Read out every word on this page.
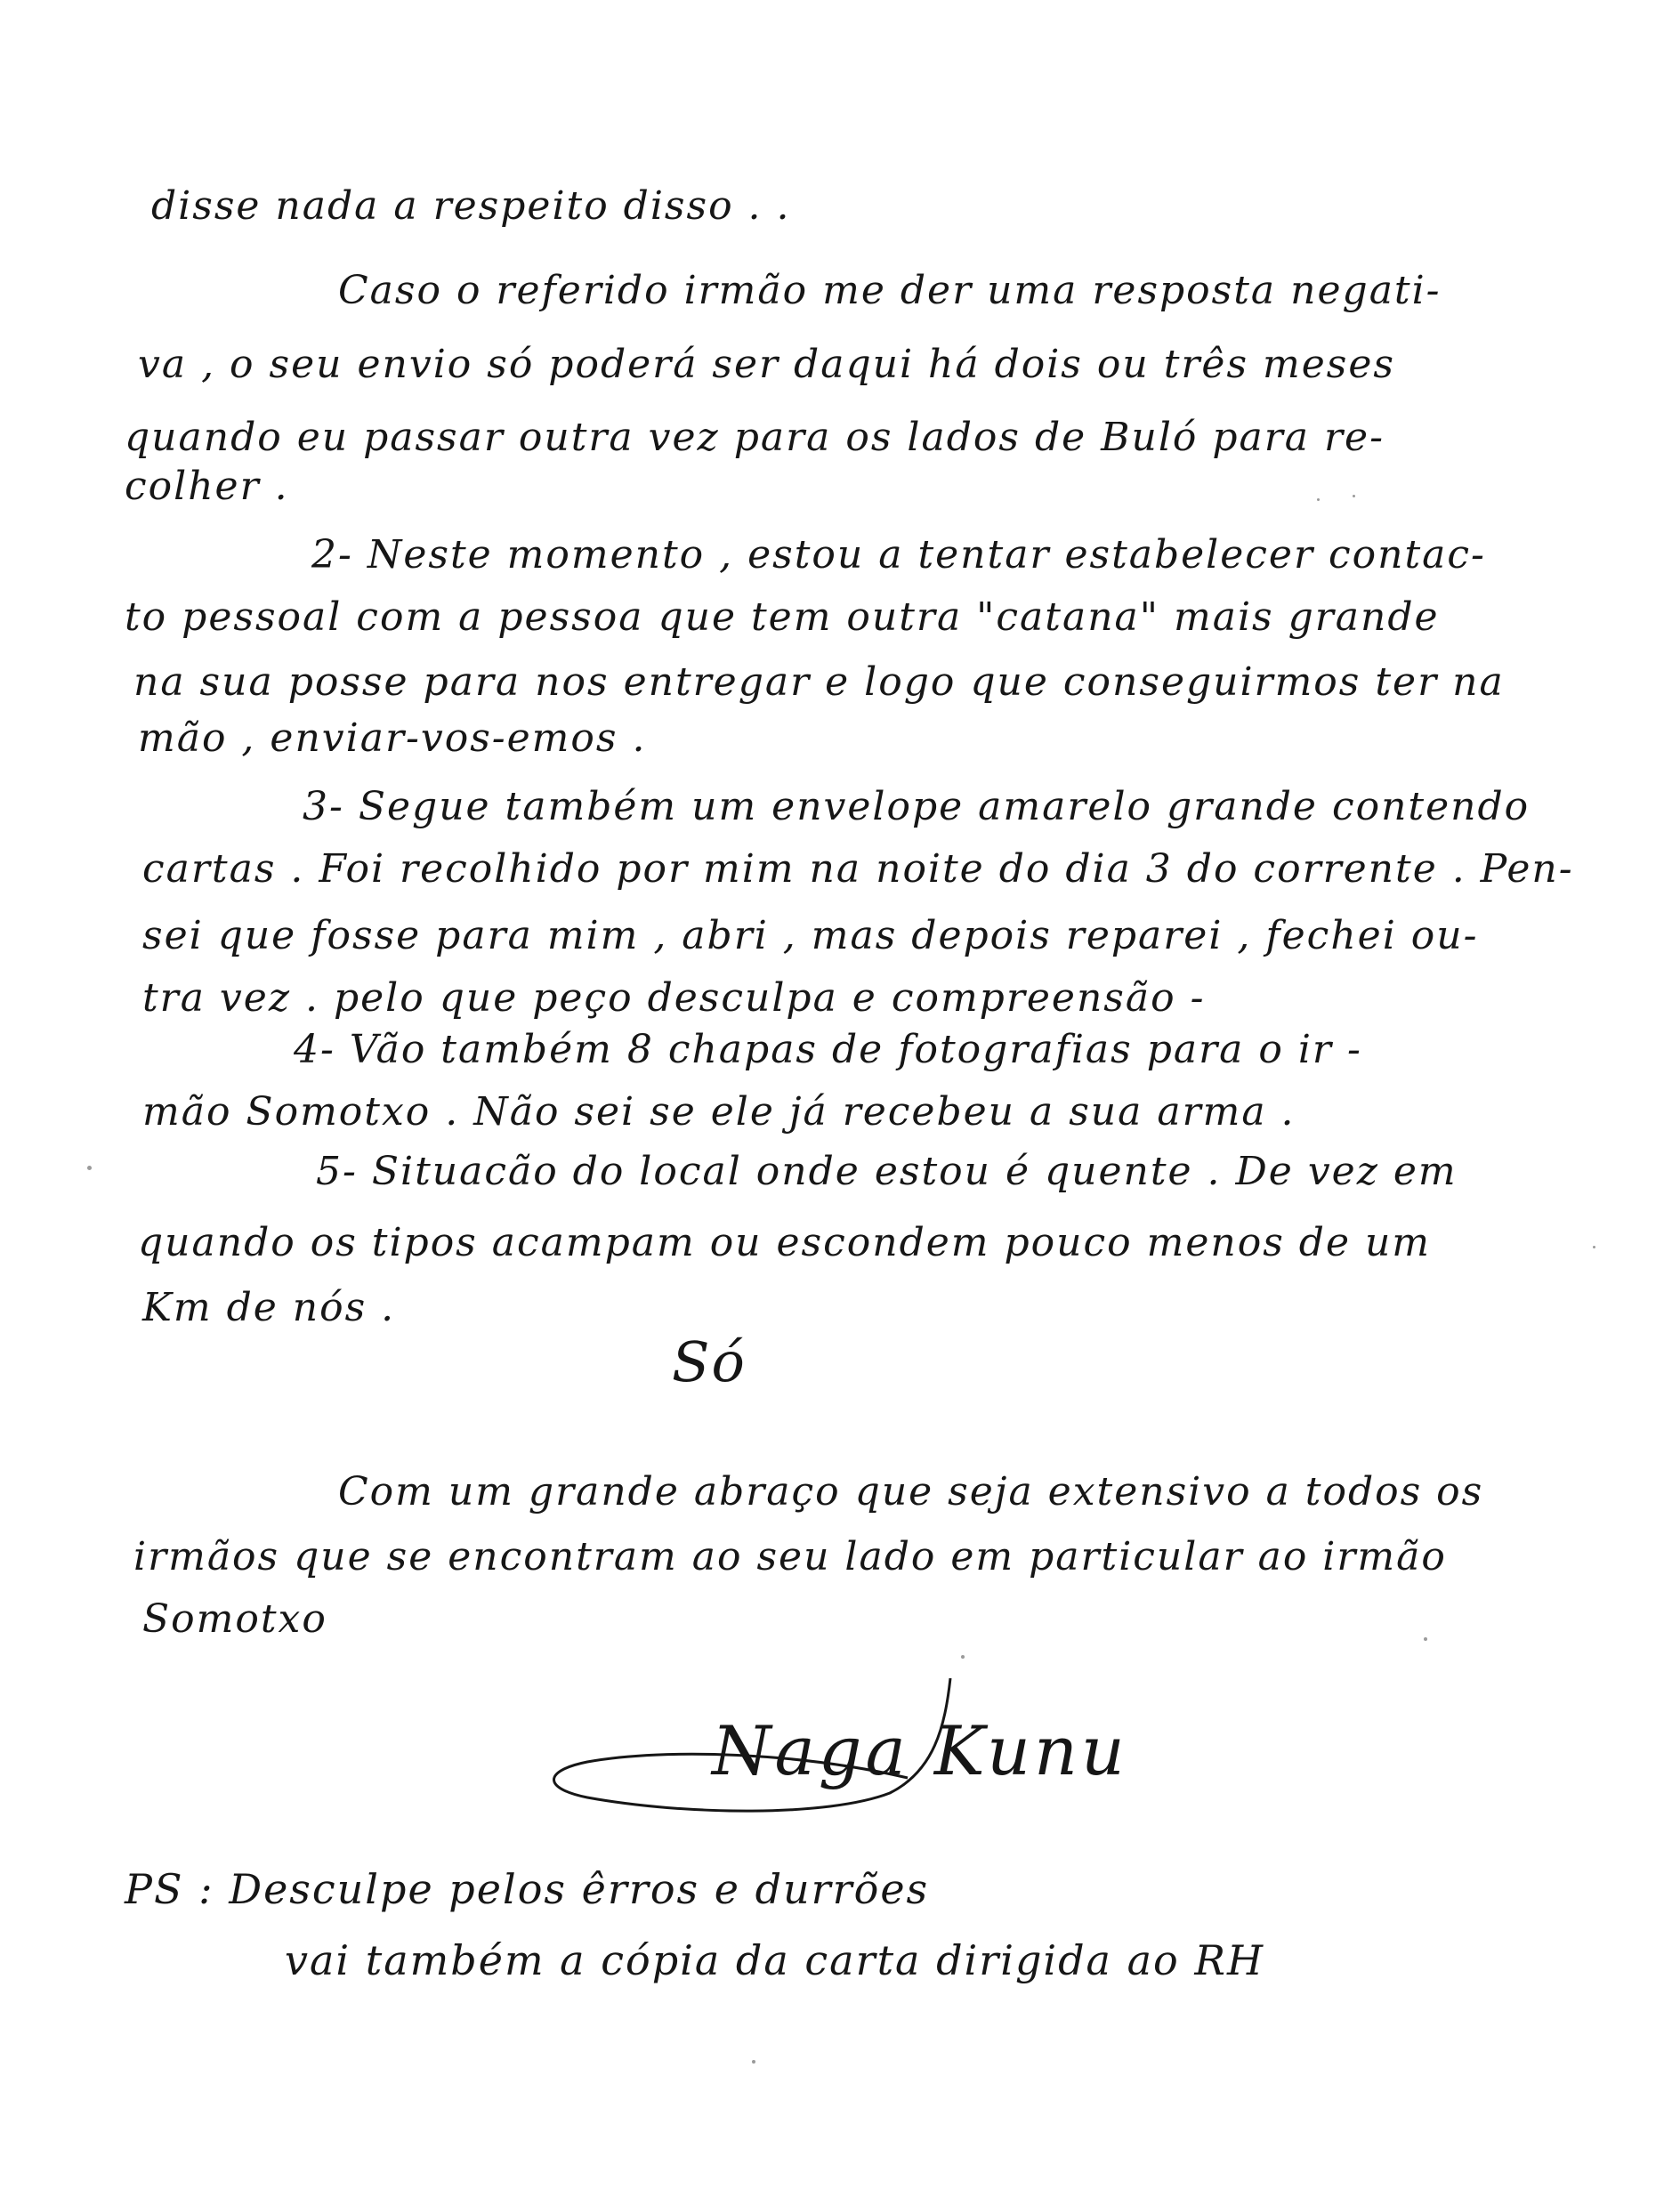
disse nada a respeito disso . .
Caso o referido irmão me der uma resposta negati-
va , o seu envio só poderá ser daqui há dois ou três meses
quando eu passar outra vez para os lados de Buló para re-
colher .
2- Neste momento , estou a tentar estabelecer contac-
to pessoal com a pessoa que tem outra "catana" mais grande
na sua posse para nos entregar e logo que conseguirmos ter na
mão , enviar-vos-emos .
3- Segue também um envelope amarelo grande contendo
cartas . Foi recolhido por mim na noite do dia 3 do corrente . Pen-
sei que fosse para mim , abri , mas depois reparei , fechei ou-
tra vez . pelo que peço desculpa e compreensão -
4- Vão também 8 chapas de fotografias para o ir -
mão Somotxo . Não sei se ele já recebeu a sua arma .
5- Situacão do local onde estou é quente . De vez em
quando os tipos acampam ou escondem pouco menos de um
Km de nós .
Só
Com um grande abraço que seja extensivo a todos os
irmãos que se encontram ao seu lado em particular ao irmão
Somotxo
Naga Kunu
PS : Desculpe pelos êrros e durrões
vai também a cópia da carta dirigida ao RH
